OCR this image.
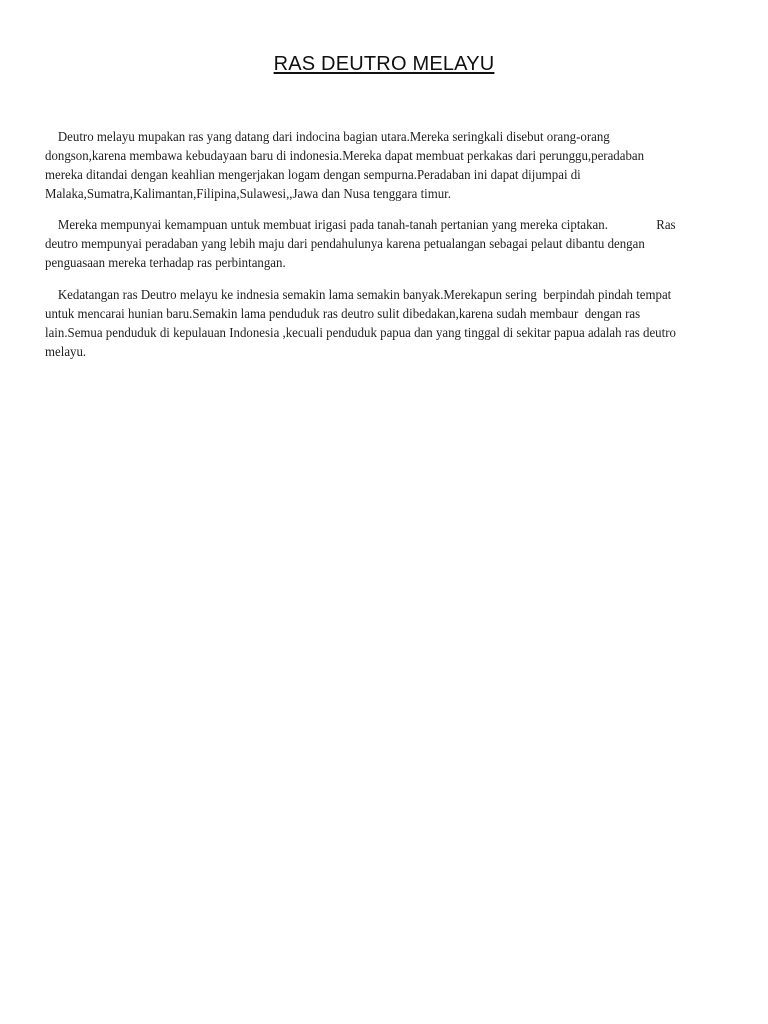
RAS DEUTRO MELAYU
Deutro melayu mupakan ras yang datang dari indocina bagian utara.Mereka seringkali disebut orang-orang
dongson,karena membawa kebudayaan baru di indonesia.Mereka dapat membuat perkakas dari perunggu,peradaban
mereka ditandai dengan keahlian mengerjakan logam dengan sempurna.Peradaban ini dapat dijumpai di
Malaka,Sumatra,Kalimantan,Filipina,Sulawesi,,Jawa dan Nusa tenggara timur.
Mereka mempunyai kemampuan untuk membuat irigasi pada tanah-tanah pertanian yang mereka ciptakan.               Ras
deutro mempunyai peradaban yang lebih maju dari pendahulunya karena petualangan sebagai pelaut dibantu dengan
penguasaan mereka terhadap ras perbintangan.
Kedatangan ras Deutro melayu ke indnesia semakin lama semakin banyak.Merekapun sering  berpindah pindah tempat
untuk mencarai hunian baru.Semakin lama penduduk ras deutro sulit dibedakan,karena sudah membaur  dengan ras
lain.Semua penduduk di kepulauan Indonesia ,kecuali penduduk papua dan yang tinggal di sekitar papua adalah ras deutro
melayu.
